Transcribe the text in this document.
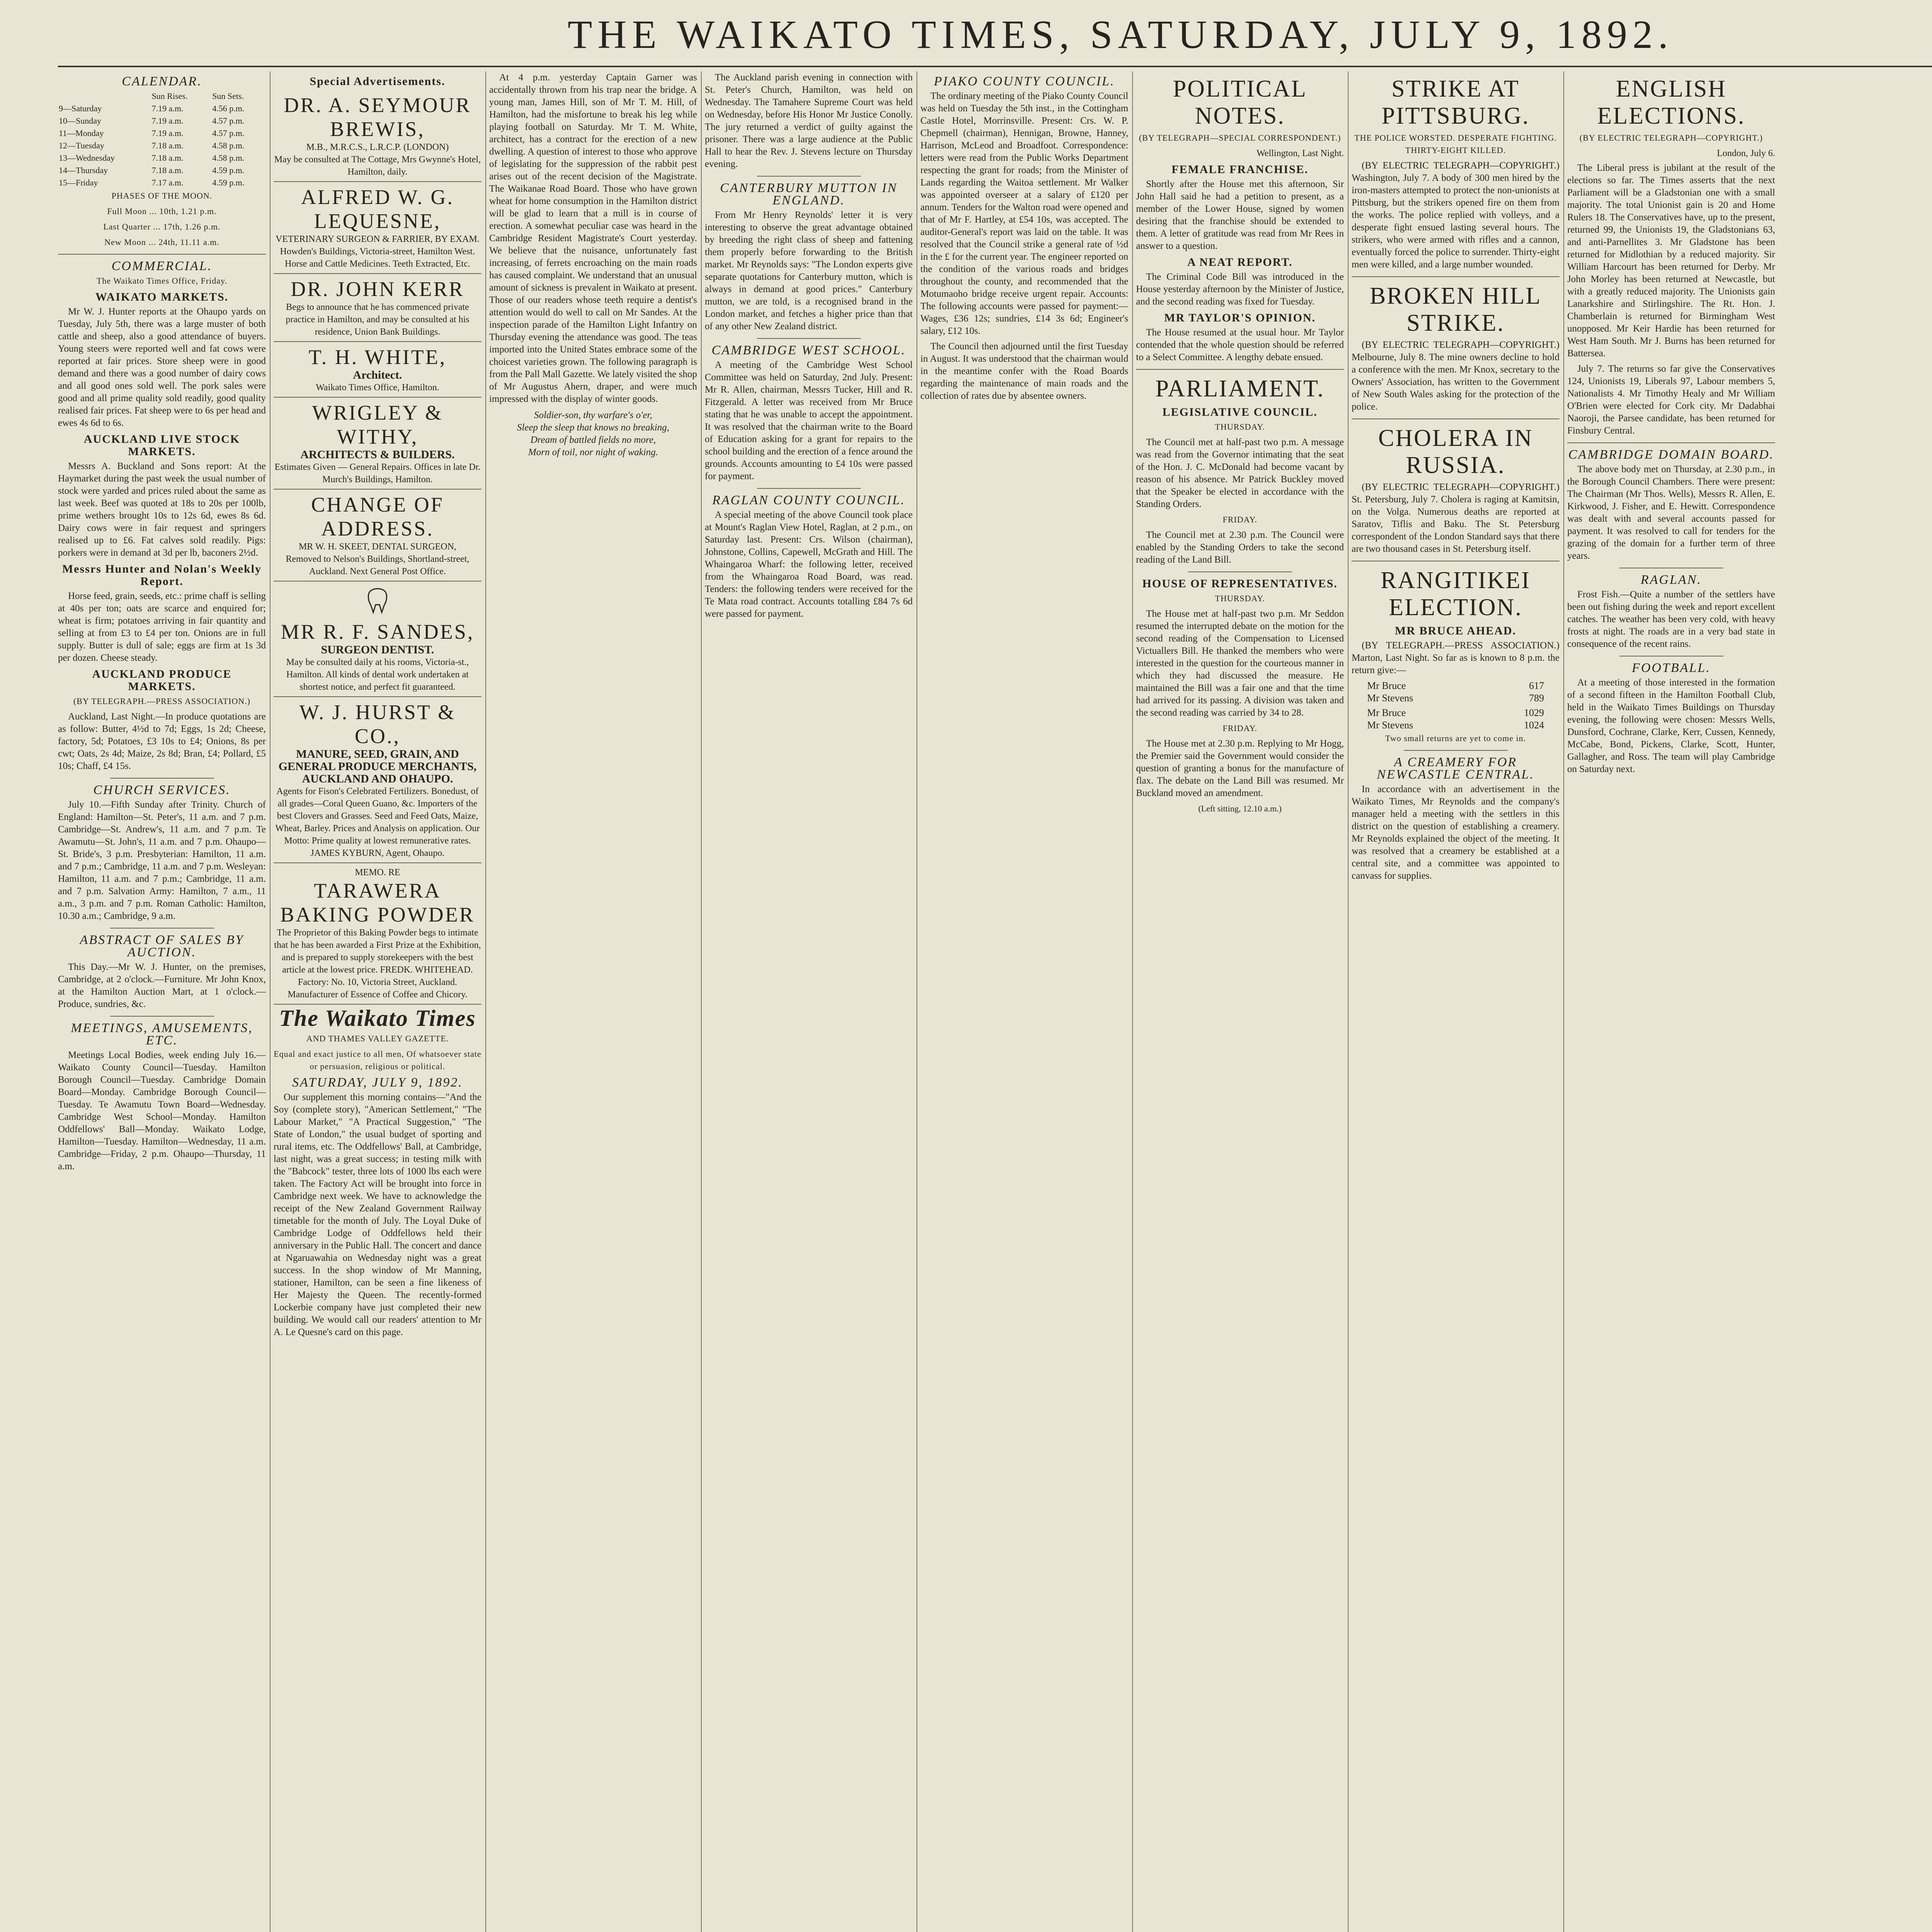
THE WAIKATO TIMES, SATURDAY, JULY 9, 1892.
CALENDAR.
	Sun Rises.	Sun Sets.
9—Saturday	7.19 a.m.	4.56 p.m.
10—Sunday	7.19 a.m.	4.57 p.m.
11—Monday	7.19 a.m.	4.57 p.m.
12—Tuesday	7.18 a.m.	4.58 p.m.
13—Wednesday	7.18 a.m.	4.58 p.m.
14—Thursday	7.18 a.m.	4.59 p.m.
15—Friday	7.17 a.m.	4.59 p.m.
PHASES OF THE MOON.
Full Moon ... 10th, 1.21 p.m.
Last Quarter ... 17th, 1.26 p.m.
New Moon ... 24th, 11.11 a.m.
COMMERCIAL.
The Waikato Times Office, Friday.
WAIKATO MARKETS.

Mr W. J. Hunter reports at the Ohaupo yards on Tuesday, July 5th, there was a large muster of both cattle and sheep, also a good attendance of buyers. Young steers were reported well and fat cows were reported at fair prices. Store sheep were in good demand and there was a good number of dairy cows and all good ones sold well. The pork sales were good and all prime quality sold readily, good quality realised fair prices. Fat sheep were to 6s per head and ewes 4s 6d to 6s.

AUCKLAND LIVE STOCK MARKETS.

Messrs A. Buckland and Sons report: At the Haymarket during the past week the usual number of stock were yarded and prices ruled about the same as last week. Beef was quoted at 18s to 20s per 100lb, prime wethers brought 10s to 12s 6d, ewes 8s 6d. Dairy cows were in fair request and springers realised up to £6. Fat calves sold readily. Pigs: porkers were in demand at 3d per lb, baconers 2½d.

Messrs Hunter and Nolan's Weekly Report.

Horse feed, grain, seeds, etc.: prime chaff is selling at 40s per ton; oats are scarce and enquired for; wheat is firm; potatoes arriving in fair quantity and selling at from £3 to £4 per ton. Onions are in full supply. Butter is dull of sale; eggs are firm at 1s 3d per dozen. Cheese steady.

AUCKLAND PRODUCE MARKETS.
(BY TELEGRAPH.—PRESS ASSOCIATION.)

Auckland, Last Night.—In produce quotations are as follow: Butter, 4½d to 7d; Eggs, 1s 2d; Cheese, factory, 5d; Potatoes, £3 10s to £4; Onions, 8s per cwt; Oats, 2s 4d; Maize, 2s 8d; Bran, £4; Pollard, £5 10s; Chaff, £4 15s.

CHURCH SERVICES.

July 10.—Fifth Sunday after Trinity. Church of England: Hamilton—St. Peter's, 11 a.m. and 7 p.m. Cambridge—St. Andrew's, 11 a.m. and 7 p.m. Te Awamutu—St. John's, 11 a.m. and 7 p.m. Ohaupo—St. Bride's, 3 p.m. Presbyterian: Hamilton, 11 a.m. and 7 p.m.; Cambridge, 11 a.m. and 7 p.m. Wesleyan: Hamilton, 11 a.m. and 7 p.m.; Cambridge, 11 a.m. and 7 p.m. Salvation Army: Hamilton, 7 a.m., 11 a.m., 3 p.m. and 7 p.m. Roman Catholic: Hamilton, 10.30 a.m.; Cambridge, 9 a.m.

ABSTRACT OF SALES BY AUCTION.

This Day.—Mr W. J. Hunter, on the premises, Cambridge, at 2 o'clock.—Furniture. Mr John Knox, at the Hamilton Auction Mart, at 1 o'clock.—Produce, sundries, &c.

MEETINGS, AMUSEMENTS, ETC.

Meetings Local Bodies, week ending July 16.—Waikato County Council—Tuesday. Hamilton Borough Council—Tuesday. Cambridge Domain Board—Monday. Cambridge Borough Council—Tuesday. Te Awamutu Town Board—Wednesday. Cambridge West School—Monday. Hamilton Oddfellows' Ball—Monday. Waikato Lodge, Hamilton—Tuesday. Hamilton—Wednesday, 11 a.m. Cambridge—Friday, 2 p.m. Ohaupo—Thursday, 11 a.m.

Special Advertisements.
DR. A. SEYMOUR BREWIS,
M.B., M.R.C.S., L.R.C.P. (LONDON)
May be consulted at The Cottage, Mrs Gwynne's Hotel, Hamilton, daily.
ALFRED W. G. LEQUESNE,
VETERINARY SURGEON & FARRIER, BY EXAM.
Howden's Buildings, Victoria-street, Hamilton West. Horse and Cattle Medicines. Teeth Extracted, Etc.
DR. JOHN KERR
Begs to announce that he has commenced private practice in Hamilton, and may be consulted at his residence, Union Bank Buildings.
T. H. WHITE,
Architect.
Waikato Times Office, Hamilton.
WRIGLEY & WITHY,
ARCHITECTS & BUILDERS.
Estimates Given — General Repairs. Offices in late Dr. Murch's Buildings, Hamilton.
CHANGE OF ADDRESS.
MR W. H. SKEET, DENTAL SURGEON,
Removed to Nelson's Buildings, Shortland-street, Auckland. Next General Post Office.
MR R. F. SANDES,
SURGEON DENTIST.
May be consulted daily at his rooms, Victoria-st., Hamilton. All kinds of dental work undertaken at shortest notice, and perfect fit guaranteed.
W. J. HURST & CO.,
MANURE, SEED, GRAIN, AND GENERAL PRODUCE MERCHANTS, AUCKLAND AND OHAUPO.
Agents for Fison's Celebrated Fertilizers. Bonedust, of all grades—Coral Queen Guano, &c. Importers of the best Clovers and Grasses. Seed and Feed Oats, Maize, Wheat, Barley. Prices and Analysis on application. Our Motto: Prime quality at lowest remunerative rates. JAMES KYBURN, Agent, Ohaupo.
MEMO. RE
TARAWERA BAKING POWDER
The Proprietor of this Baking Powder begs to intimate that he has been awarded a First Prize at the Exhibition, and is prepared to supply storekeepers with the best article at the lowest price. FREDK. WHITEHEAD. Factory: No. 10, Victoria Street, Auckland. Manufacturer of Essence of Coffee and Chicory.
The Waikato Times
AND THAMES VALLEY GAZETTE.
Equal and exact justice to all men, Of whatsoever state or persuasion, religious or political.
SATURDAY, JULY 9, 1892.

Our supplement this morning contains—"And the Soy (complete story), "American Settlement," "The Labour Market," "A Practical Suggestion," "The State of London," the usual budget of sporting and rural items, etc. The Oddfellows' Ball, at Cambridge, last night, was a great success; in testing milk with the "Babcock" tester, three lots of 1000 lbs each were taken. The Factory Act will be brought into force in Cambridge next week. We have to acknowledge the receipt of the New Zealand Government Railway timetable for the month of July. The Loyal Duke of Cambridge Lodge of Oddfellows held their anniversary in the Public Hall. The concert and dance at Ngaruawahia on Wednesday night was a great success. In the shop window of Mr Manning, stationer, Hamilton, can be seen a fine likeness of Her Majesty the Queen. The recently-formed Lockerbie company have just completed their new building. We would call our readers' attention to Mr A. Le Quesne's card on this page.

At 4 p.m. yesterday Captain Garner was accidentally thrown from his trap near the bridge. A young man, James Hill, son of Mr T. M. Hill, of Hamilton, had the misfortune to break his leg while playing football on Saturday. Mr T. M. White, architect, has a contract for the erection of a new dwelling. A question of interest to those who approve of legislating for the suppression of the rabbit pest arises out of the recent decision of the Magistrate. The Waikanae Road Board. Those who have grown wheat for home consumption in the Hamilton district will be glad to learn that a mill is in course of erection. A somewhat peculiar case was heard in the Cambridge Resident Magistrate's Court yesterday. We believe that the nuisance, unfortunately fast increasing, of ferrets encroaching on the main roads has caused complaint. We understand that an unusual amount of sickness is prevalent in Waikato at present. Those of our readers whose teeth require a dentist's attention would do well to call on Mr Sandes. At the inspection parade of the Hamilton Light Infantry on Thursday evening the attendance was good. The teas imported into the United States embrace some of the choicest varieties grown. The following paragraph is from the Pall Mall Gazette. We lately visited the shop of Mr Augustus Ahern, draper, and were much impressed with the display of winter goods.

Soldier-son, thy warfare's o'er,
Sleep the sleep that knows no breaking,
Dream of battled fields no more,
Morn of toil, nor night of waking.

The Auckland parish evening in connection with St. Peter's Church, Hamilton, was held on Wednesday. The Tamahere Supreme Court was held on Wednesday, before His Honor Mr Justice Conolly. The jury returned a verdict of guilty against the prisoner. There was a large audience at the Public Hall to hear the Rev. J. Stevens lecture on Thursday evening.

CANTERBURY MUTTON IN ENGLAND.

From Mr Henry Reynolds' letter it is very interesting to observe the great advantage obtained by breeding the right class of sheep and fattening them properly before forwarding to the British market. Mr Reynolds says: "The London experts give separate quotations for Canterbury mutton, which is always in demand at good prices." Canterbury mutton, we are told, is a recognised brand in the London market, and fetches a higher price than that of any other New Zealand district.

CAMBRIDGE WEST SCHOOL.

A meeting of the Cambridge West School Committee was held on Saturday, 2nd July. Present: Mr R. Allen, chairman, Messrs Tucker, Hill and R. Fitzgerald. A letter was received from Mr Bruce stating that he was unable to accept the appointment. It was resolved that the chairman write to the Board of Education asking for a grant for repairs to the school building and the erection of a fence around the grounds. Accounts amounting to £4 10s were passed for payment.

RAGLAN COUNTY COUNCIL.

A special meeting of the above Council took place at Mount's Raglan View Hotel, Raglan, at 2 p.m., on Saturday last. Present: Crs. Wilson (chairman), Johnstone, Collins, Capewell, McGrath and Hill. The Whaingaroa Wharf: the following letter, received from the Whaingaroa Road Board, was read. Tenders: the following tenders were received for the Te Mata road contract. Accounts totalling £84 7s 6d were passed for payment.

PIAKO COUNTY COUNCIL.

The ordinary meeting of the Piako County Council was held on Tuesday the 5th inst., in the Cottingham Castle Hotel, Morrinsville. Present: Crs. W. P. Chepmell (chairman), Hennigan, Browne, Hanney, Harrison, McLeod and Broadfoot. Correspondence: letters were read from the Public Works Department respecting the grant for roads; from the Minister of Lands regarding the Waitoa settlement. Mr Walker was appointed overseer at a salary of £120 per annum. Tenders for the Walton road were opened and that of Mr F. Hartley, at £54 10s, was accepted. The auditor-General's report was laid on the table. It was resolved that the Council strike a general rate of ½d in the £ for the current year. The engineer reported on the condition of the various roads and bridges throughout the county, and recommended that the Motumaoho bridge receive urgent repair. Accounts: The following accounts were passed for payment:—Wages, £36 12s; sundries, £14 3s 6d; Engineer's salary, £12 10s.

The Council then adjourned until the first Tuesday in August. It was understood that the chairman would in the meantime confer with the Road Boards regarding the maintenance of main roads and the collection of rates due by absentee owners.

POLITICAL NOTES.
(BY TELEGRAPH—SPECIAL CORRESPONDENT.)
Wellington, Last Night.
FEMALE FRANCHISE.

Shortly after the House met this afternoon, Sir John Hall said he had a petition to present, as a member of the Lower House, signed by women desiring that the franchise should be extended to them. A letter of gratitude was read from Mr Rees in answer to a question.

A NEAT REPORT.

The Criminal Code Bill was introduced in the House yesterday afternoon by the Minister of Justice, and the second reading was fixed for Tuesday.

MR TAYLOR'S OPINION.

The House resumed at the usual hour. Mr Taylor contended that the whole question should be referred to a Select Committee. A lengthy debate ensued.

PARLIAMENT.
LEGISLATIVE COUNCIL.
THURSDAY.

The Council met at half-past two p.m. A message was read from the Governor intimating that the seat of the Hon. J. C. McDonald had become vacant by reason of his absence. Mr Patrick Buckley moved that the Speaker be elected in accordance with the Standing Orders.

FRIDAY.

The Council met at 2.30 p.m. The Council were enabled by the Standing Orders to take the second reading of the Land Bill.

HOUSE OF REPRESENTATIVES.
THURSDAY.

The House met at half-past two p.m. Mr Seddon resumed the interrupted debate on the motion for the second reading of the Compensation to Licensed Victuallers Bill. He thanked the members who were interested in the question for the courteous manner in which they had discussed the measure. He maintained the Bill was a fair one and that the time had arrived for its passing. A division was taken and the second reading was carried by 34 to 28.

FRIDAY.

The House met at 2.30 p.m. Replying to Mr Hogg, the Premier said the Government would consider the question of granting a bonus for the manufacture of flax. The debate on the Land Bill was resumed. Mr Buckland moved an amendment.

(Left sitting, 12.10 a.m.)
STRIKE AT PITTSBURG.
THE POLICE WORSTED. DESPERATE FIGHTING. THIRTY-EIGHT KILLED.

(BY ELECTRIC TELEGRAPH—COPYRIGHT.) Washington, July 7. A body of 300 men hired by the iron-masters attempted to protect the non-unionists at Pittsburg, but the strikers opened fire on them from the works. The police replied with volleys, and a desperate fight ensued lasting several hours. The strikers, who were armed with rifles and a cannon, eventually forced the police to surrender. Thirty-eight men were killed, and a large number wounded.

BROKEN HILL STRIKE.

(BY ELECTRIC TELEGRAPH—COPYRIGHT.) Melbourne, July 8. The mine owners decline to hold a conference with the men. Mr Knox, secretary to the Owners' Association, has written to the Government of New South Wales asking for the protection of the police.

CHOLERA IN RUSSIA.

(BY ELECTRIC TELEGRAPH—COPYRIGHT.) St. Petersburg, July 7. Cholera is raging at Kamitsin, on the Volga. Numerous deaths are reported at Saratov, Tiflis and Baku. The St. Petersburg correspondent of the London Standard says that there are two thousand cases in St. Petersburg itself.

RANGITIKEI ELECTION.
MR BRUCE AHEAD.

(BY TELEGRAPH.—PRESS ASSOCIATION.) Marton, Last Night. So far as is known to 8 p.m. the return give:—

Mr Bruce	617
Mr Stevens	789
Mr Bruce	1029
Mr Stevens	1024
Two small returns are yet to come in.
A CREAMERY FOR NEWCASTLE CENTRAL.

In accordance with an advertisement in the Waikato Times, Mr Reynolds and the company's manager held a meeting with the settlers in this district on the question of establishing a creamery. Mr Reynolds explained the object of the meeting. It was resolved that a creamery be established at a central site, and a committee was appointed to canvass for supplies.

ENGLISH ELECTIONS.
(BY ELECTRIC TELEGRAPH—COPYRIGHT.)
London, July 6.

The Liberal press is jubilant at the result of the elections so far. The Times asserts that the next Parliament will be a Gladstonian one with a small majority. The total Unionist gain is 20 and Home Rulers 18. The Conservatives have, up to the present, returned 99, the Unionists 19, the Gladstonians 63, and anti-Parnellites 3. Mr Gladstone has been returned for Midlothian by a reduced majority. Sir William Harcourt has been returned for Derby. Mr John Morley has been returned at Newcastle, but with a greatly reduced majority. The Unionists gain Lanarkshire and Stirlingshire. The Rt. Hon. J. Chamberlain is returned for Birmingham West unopposed. Mr Keir Hardie has been returned for West Ham South. Mr J. Burns has been returned for Battersea.

July 7. The returns so far give the Conservatives 124, Unionists 19, Liberals 97, Labour members 5, Nationalists 4. Mr Timothy Healy and Mr William O'Brien were elected for Cork city. Mr Dadabhai Naoroji, the Parsee candidate, has been returned for Finsbury Central.

CAMBRIDGE DOMAIN BOARD.

The above body met on Thursday, at 2.30 p.m., in the Borough Council Chambers. There were present: The Chairman (Mr Thos. Wells), Messrs R. Allen, E. Kirkwood, J. Fisher, and E. Hewitt. Correspondence was dealt with and several accounts passed for payment. It was resolved to call for tenders for the grazing of the domain for a further term of three years.

RAGLAN.

Frost Fish.—Quite a number of the settlers have been out fishing during the week and report excellent catches. The weather has been very cold, with heavy frosts at night. The roads are in a very bad state in consequence of the recent rains.

FOOTBALL.

At a meeting of those interested in the formation of a second fifteen in the Hamilton Football Club, held in the Waikato Times Buildings on Thursday evening, the following were chosen: Messrs Wells, Dunsford, Cochrane, Clarke, Kerr, Cussen, Kennedy, McCabe, Bond, Pickens, Clarke, Scott, Hunter, Gallagher, and Ross. The team will play Cambridge on Saturday next.
